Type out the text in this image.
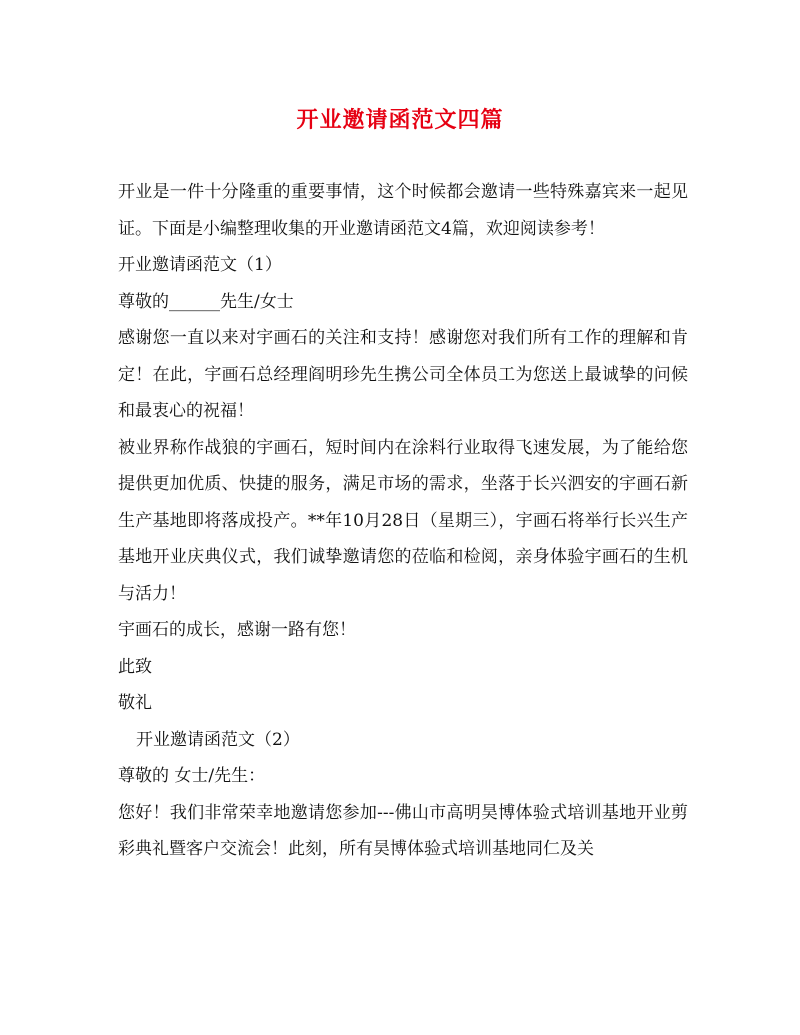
开业邀请函范文四篇

开业是一件十分隆重的重要事情，这个时候都会邀请一些特殊嘉宾来一起见证。下面是小编整理收集的开业邀请函范文4篇，欢迎阅读参考！

开业邀请函范文（1）

尊敬的______先生/女士

感谢您一直以来对宇画石的关注和支持！感谢您对我们所有工作的理解和肯定！在此，宇画石总经理阎明珍先生携公司全体员工为您送上最诚挚的问候和最衷心的祝福！

被业界称作战狼的宇画石，短时间内在涂料行业取得飞速发展，为了能给您提供更加优质、快捷的服务，满足市场的需求，坐落于长兴泗安的宇画石新生产基地即将落成投产。**年10月28日（星期三），宇画石将举行长兴生产基地开业庆典仪式，我们诚挚邀请您的莅临和检阅，亲身体验宇画石的生机与活力！

宇画石的成长，感谢一路有您！

此致

敬礼

开业邀请函范文（2）

尊敬的 女士/先生：

您好！我们非常荣幸地邀请您参加---佛山市高明昊博体验式培训基地开业剪彩典礼暨客户交流会！此刻，所有昊博体验式培训基地同仁及关
